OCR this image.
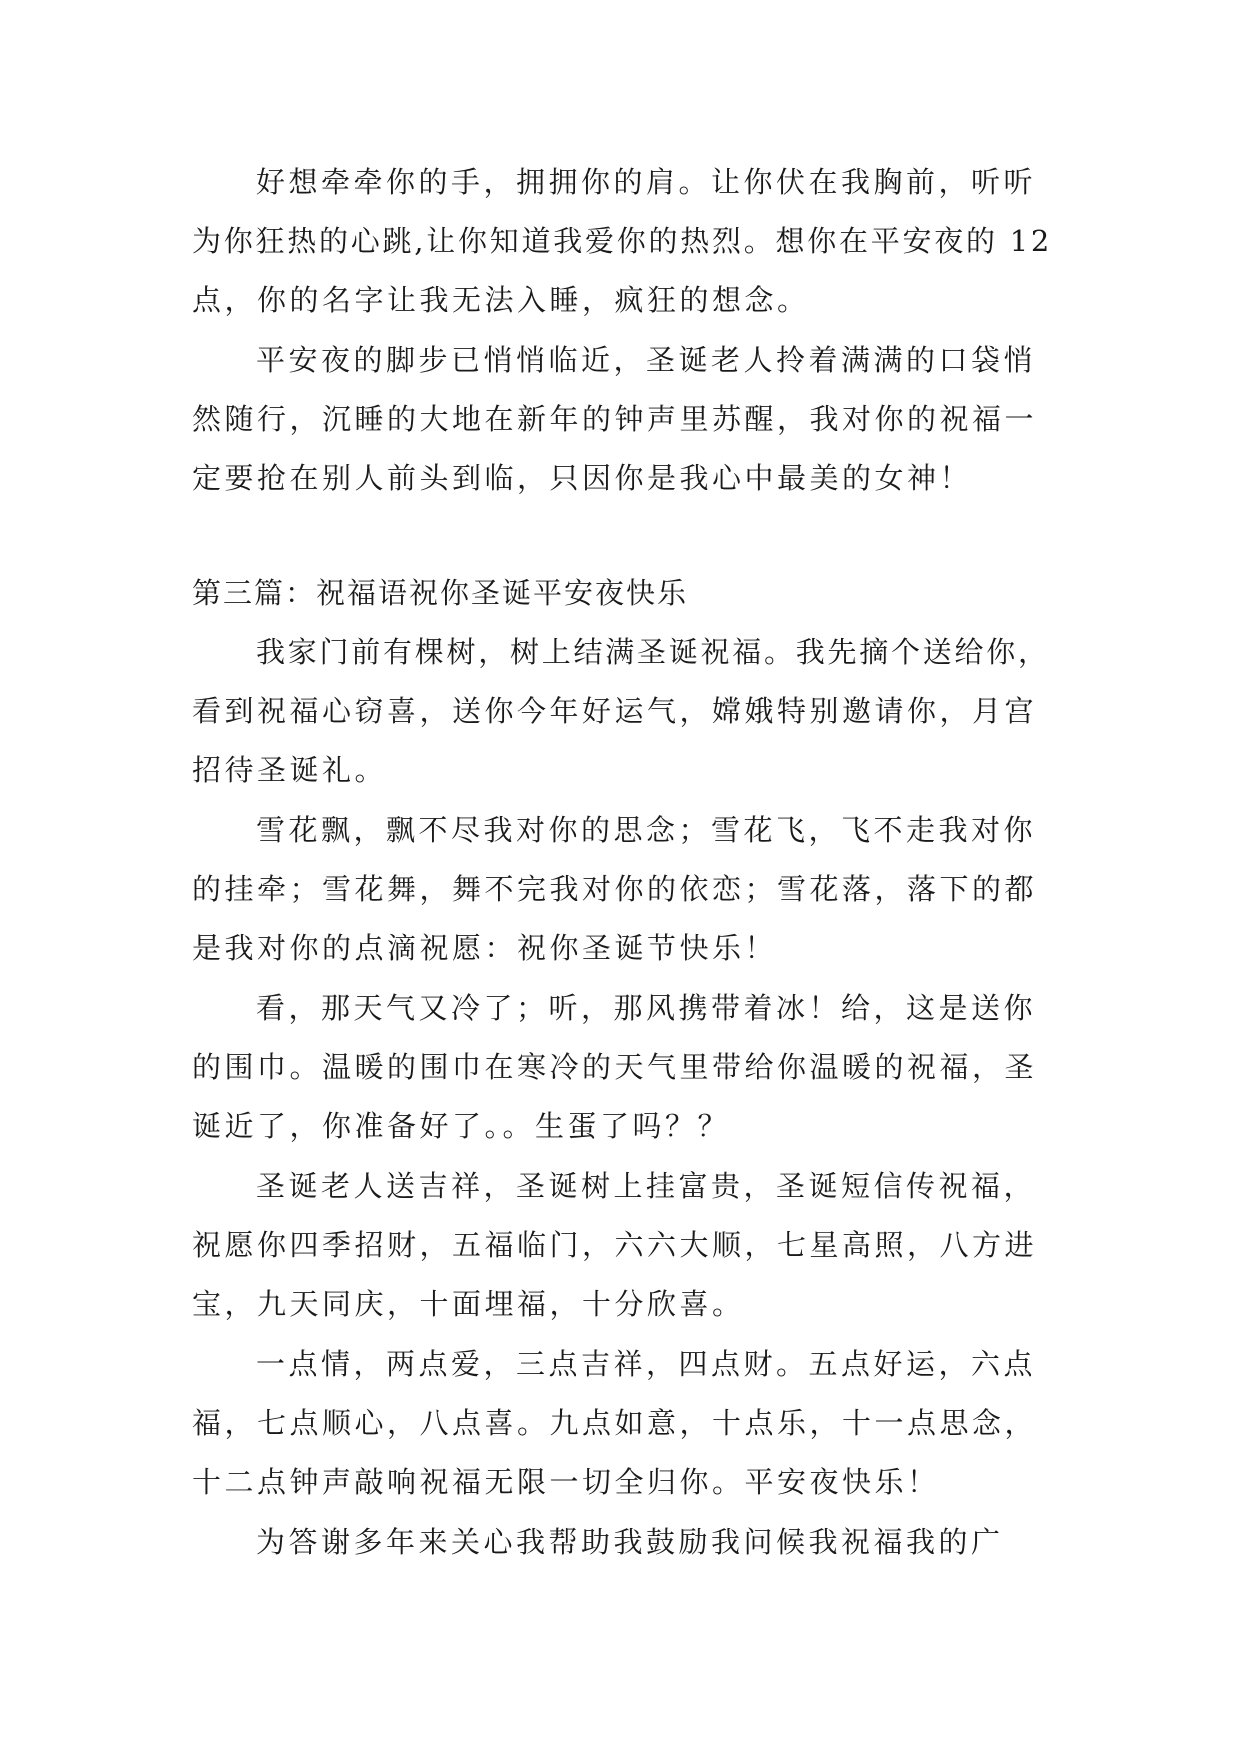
好想牵牵你的手，拥拥你的肩。让你伏在我胸前，听听
为你狂热的心跳,让你知道我爱你的热烈。想你在平安夜的 12
点，你的名字让我无法入睡，疯狂的想念。
平安夜的脚步已悄悄临近，圣诞老人拎着满满的口袋悄
然随行，沉睡的大地在新年的钟声里苏醒，我对你的祝福一
定要抢在别人前头到临，只因你是我心中最美的女神！
第三篇：祝福语祝你圣诞平安夜快乐
我家门前有棵树，树上结满圣诞祝福。我先摘个送给你，
看到祝福心窃喜，送你今年好运气，嫦娥特别邀请你，月宫
招待圣诞礼。
雪花飘，飘不尽我对你的思念；雪花飞，飞不走我对你
的挂牵；雪花舞，舞不完我对你的依恋；雪花落，落下的都
是我对你的点滴祝愿：祝你圣诞节快乐！
看，那天气又冷了；听，那风携带着冰！给，这是送你
的围巾。温暖的围巾在寒冷的天气里带给你温暖的祝福，圣
诞近了，你准备好了。。生蛋了吗？？
圣诞老人送吉祥，圣诞树上挂富贵，圣诞短信传祝福，
祝愿你四季招财，五福临门，六六大顺，七星高照，八方进
宝，九天同庆，十面埋福，十分欣喜。
一点情，两点爱，三点吉祥，四点财。五点好运，六点
福，七点顺心，八点喜。九点如意，十点乐，十一点思念，
十二点钟声敲响祝福无限一切全归你。平安夜快乐！
为答谢多年来关心我帮助我鼓励我问候我祝福我的广
